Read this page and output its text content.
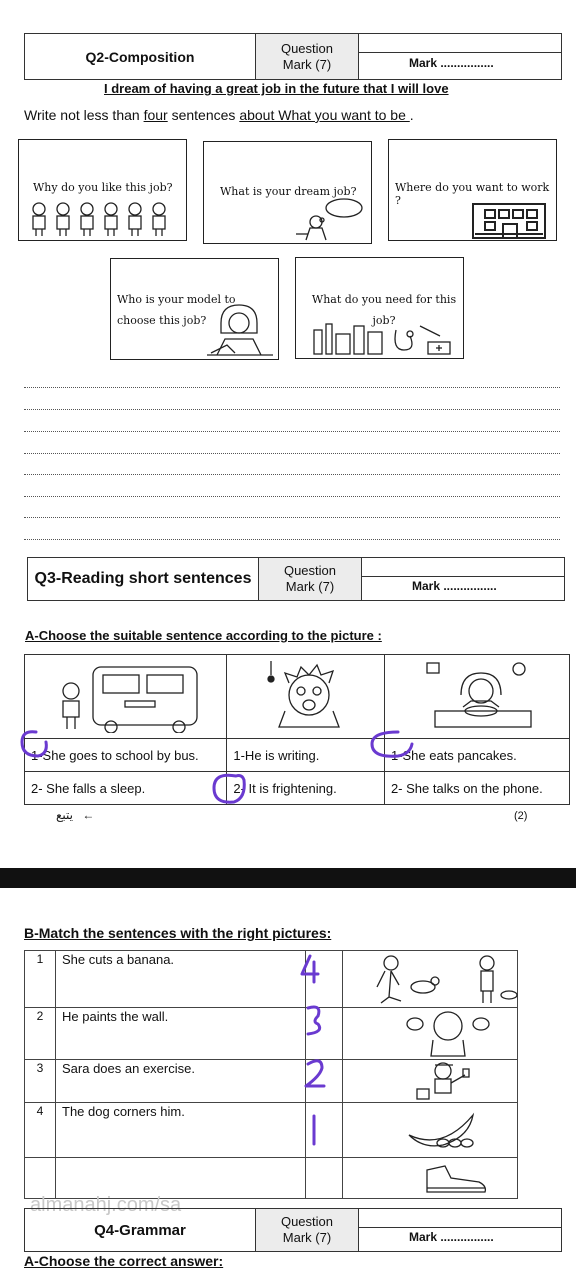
Q2-Composition
Question
Mark (7)	Mark ................
I dream of having a great job in the future that I will love
Write not less than four sentences about What you want to be .
Why do you like this job?	What is your dream job?	Where do you want to work ?
Who is your model to choose this job?
What do you need for this job?
Q3-Reading short sentences	Question
Mark (7)	Mark ................
A-Choose the suitable sentence according to the picture :

1-She goes to school by bus.	1-He is writing.	1-She eats pancakes.
2- She falls a sleep.	2- It is frightening.	2- She talks on the phone.
يتبع ←	(2)
B-Match the sentences with the right pictures:
1	She cuts a banana.		

2	He paints the wall.		

3	Sara does an exercise.		

4	The dog corners him.		

almanahj.com/sa
Q4-Grammar	Question
Mark (7)	Mark ................
A-Choose the correct answer:
